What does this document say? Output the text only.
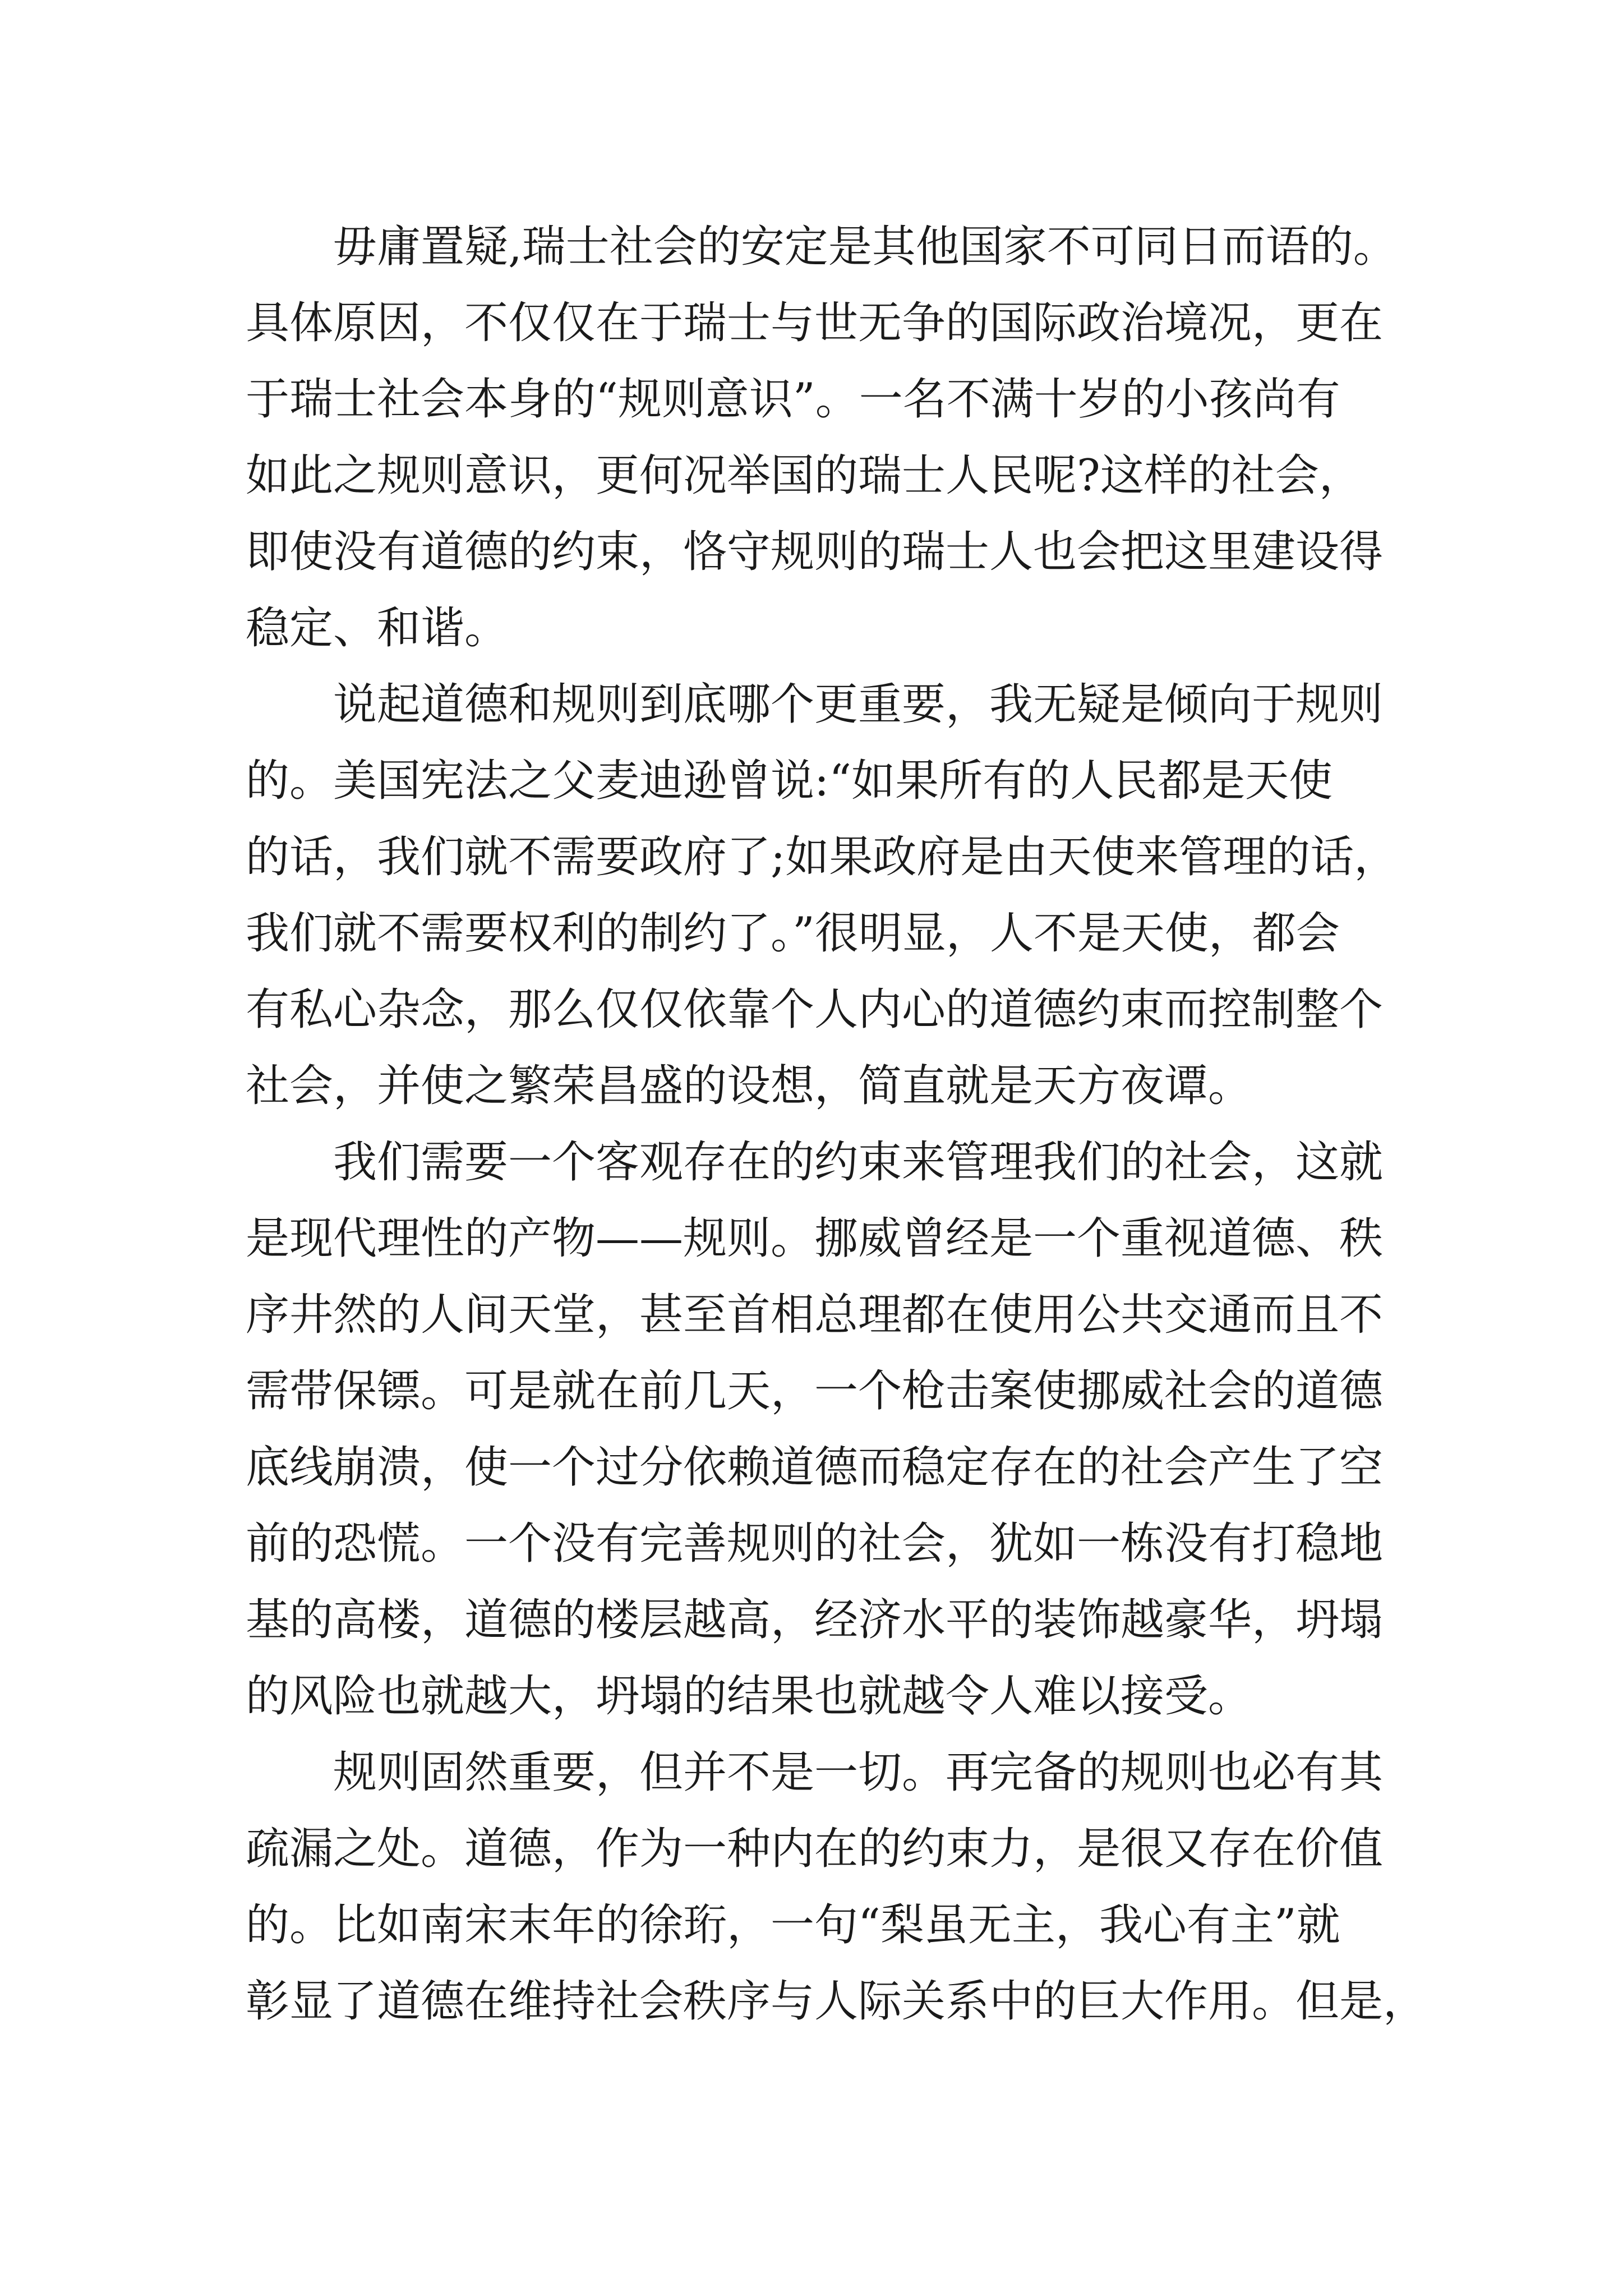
毋庸置疑,瑞士社会的安定是其他国家不可同日而语的。
具体原因，不仅仅在于瑞士与世无争的国际政治境况，更在
于瑞士社会本身的“规则意识”。一名不满十岁的小孩尚有
如此之规则意识，更何况举国的瑞士人民呢?这样的社会，
即使没有道德的约束，恪守规则的瑞士人也会把这里建设得
稳定、和谐。
说起道德和规则到底哪个更重要，我无疑是倾向于规则
的。美国宪法之父麦迪逊曾说:“如果所有的人民都是天使
的话，我们就不需要政府了;如果政府是由天使来管理的话，
我们就不需要权利的制约了。”很明显，人不是天使，都会
有私心杂念，那么仅仅依靠个人内心的道德约束而控制整个
社会，并使之繁荣昌盛的设想，简直就是天方夜谭。
我们需要一个客观存在的约束来管理我们的社会，这就
是现代理性的产物——规则。挪威曾经是一个重视道德、秩
序井然的人间天堂，甚至首相总理都在使用公共交通而且不
需带保镖。可是就在前几天，一个枪击案使挪威社会的道德
底线崩溃，使一个过分依赖道德而稳定存在的社会产生了空
前的恐慌。一个没有完善规则的社会，犹如一栋没有打稳地
基的高楼，道德的楼层越高，经济水平的装饰越豪华，坍塌
的风险也就越大，坍塌的结果也就越令人难以接受。
规则固然重要，但并不是一切。再完备的规则也必有其
疏漏之处。道德，作为一种内在的约束力，是很又存在价值
的。比如南宋末年的徐珩，一句“梨虽无主，我心有主”就
彰显了道德在维持社会秩序与人际关系中的巨大作用。但是，
